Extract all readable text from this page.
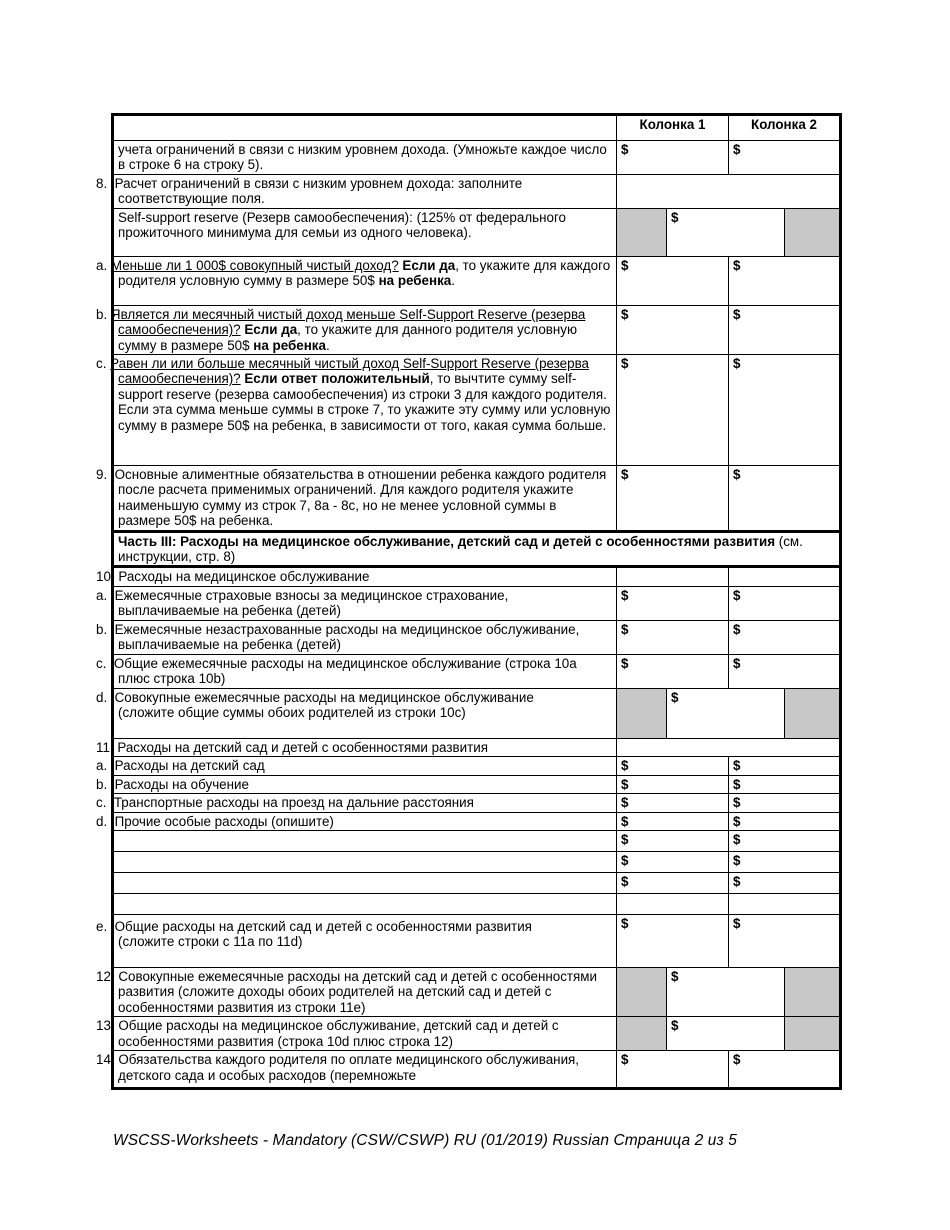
	Колонка 1		Колонка 2	
учета ограничений в связи с низким уровнем дохода. (Умножьте каждое число в строке 6 на строку 5).	$		$	
8. Расчет ограничений в связи с низким уровнем дохода: заполните соответствующие поля.				
Self-support reserve (Резерв самообеспечения): (125% от федерального прожиточного минимума для семьи из одного человека).		$		
a. Меньше ли 1 000$ совокупный чистый доход? Если да, то укажите для каждого родителя условную сумму в размере 50$ на ребенка.	$		$	
b. Является ли месячный чистый доход меньше Self-Support Reserve (резерва самообеспечения)? Если да, то укажите для данного родителя условную сумму в размере 50$ на ребенка.	$		$	
c. Равен ли или больше месячный чистый доход Self-Support Reserve (резерва самообеспечения)? Если ответ положительный, то вычтите сумму self-support reserve (резерва самообеспечения) из строки 3 для каждого родителя. Если эта сумма меньше суммы в строке 7, то укажите эту сумму или условную сумму в размере 50$ на ребенка, в зависимости от того, какая сумма больше.	$		$	
9. Основные алиментные обязательства в отношении ребенка каждого родителя после расчета применимых ограничений. Для каждого родителя укажите наименьшую сумму из строк 7, 8a - 8c, но не менее условной суммы в размере 50$ на ребенка.	$		$	
Часть III: Расходы на медицинское обслуживание, детский сад и детей с особенностями развития (см. инструкции, стр. 8)				
10. Расходы на медицинское обслуживание				
a. Ежемесячные страховые взносы за медицинское страхование, выплачиваемые на ребенка (детей)	$		$	
b. Ежемесячные незастрахованные расходы на медицинское обслуживание, выплачиваемые на ребенка (детей)	$		$	
c. Общие ежемесячные расходы на медицинское обслуживание (строка 10a плюс строка 10b)	$		$	
d. Совокупные ежемесячные расходы на медицинское обслуживание
(сложите общие суммы обоих родителей из строки 10c)		$		
11. Расходы на детский сад и детей с особенностями развития				
a. Расходы на детский сад	$		$	
b. Расходы на обучение	$		$	
c. Транспортные расходы на проезд на дальние расстояния	$		$	
d. Прочие особые расходы (опишите)	$		$	
	$		$	
	$		$	
	$		$	

e. Общие расходы на детский сад и детей с особенностями развития
(сложите строки с 11a по 11d)	$		$	
12. Совокупные ежемесячные расходы на детский сад и детей с особенностями развития (сложите доходы обоих родителей на детский сад и детей с особенностями развития из строки 11e)		$		
13. Общие расходы на медицинское обслуживание, детский сад и детей с особенностями развития (строка 10d плюс строка 12)		$		
14. Обязательства каждого родителя по оплате медицинского обслуживания, детского сада и особых расходов (перемножьте	$		$	
WSCSS-Worksheets - Mandatory (CSW/CSWP) RU (01/2019) Russian Страница 2 из 5
